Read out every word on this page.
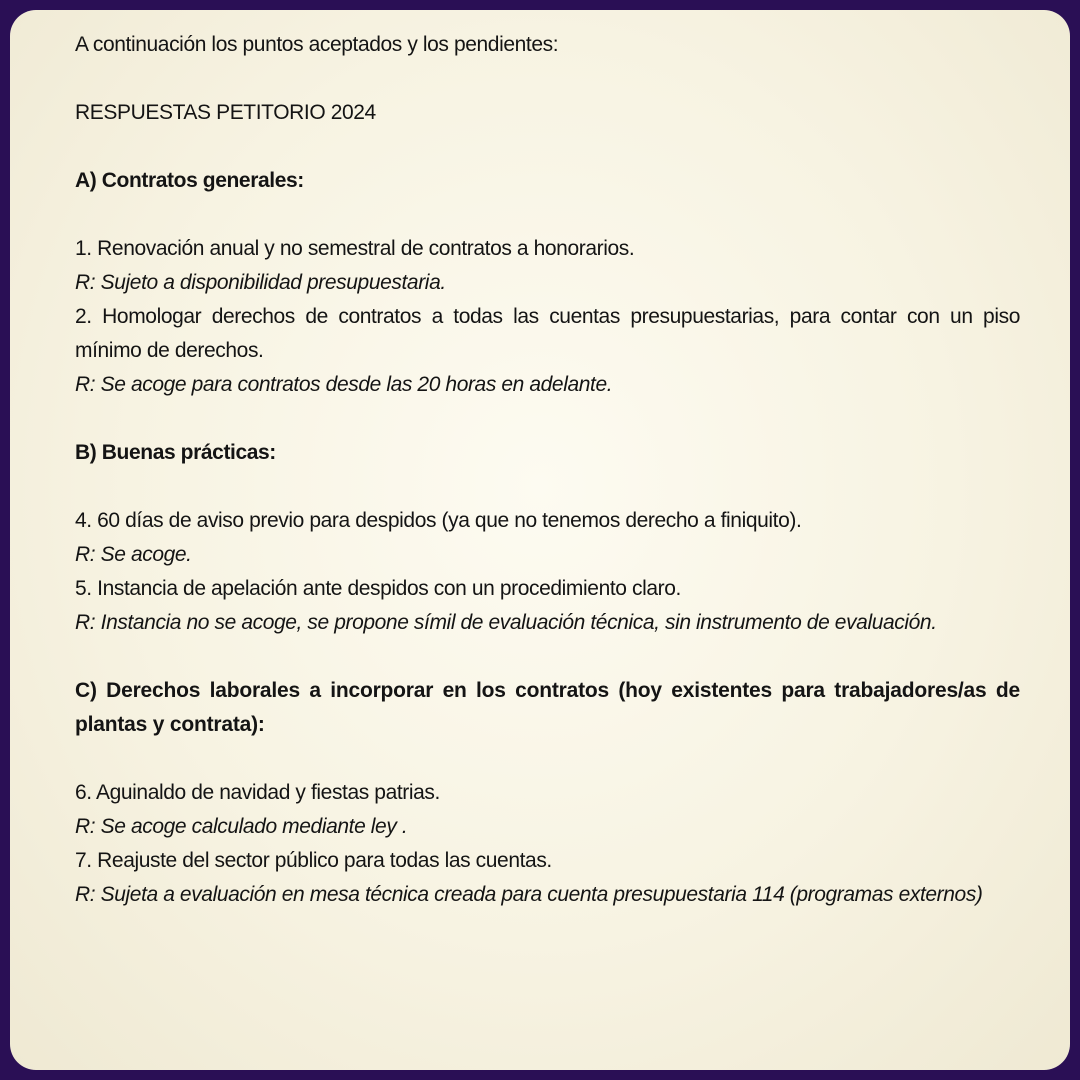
A continuación los puntos aceptados y los pendientes:
RESPUESTAS PETITORIO 2024
A) Contratos generales:
1. Renovación anual y no semestral de contratos a honorarios.
R: Sujeto a disponibilidad presupuestaria.
2. Homologar derechos de contratos a todas las cuentas presupuestarias, para contar con un piso mínimo de derechos.
R: Se acoge para contratos desde las 20 horas en adelante.
B) Buenas prácticas:
4. 60 días de aviso previo para despidos (ya que no tenemos derecho a finiquito).
R: Se acoge.
5. Instancia de apelación ante despidos con un procedimiento claro.
R: Instancia no se acoge, se propone símil de evaluación técnica, sin instrumento de evaluación.
C) Derechos laborales a incorporar en los contratos (hoy existentes para trabajadores/as de plantas y contrata):
6. Aguinaldo de navidad y fiestas patrias.
R: Se acoge calculado mediante ley .
7. Reajuste del sector público para todas las cuentas.
R: Sujeta a evaluación en mesa técnica creada para cuenta presupuestaria 114 (programas externos)
